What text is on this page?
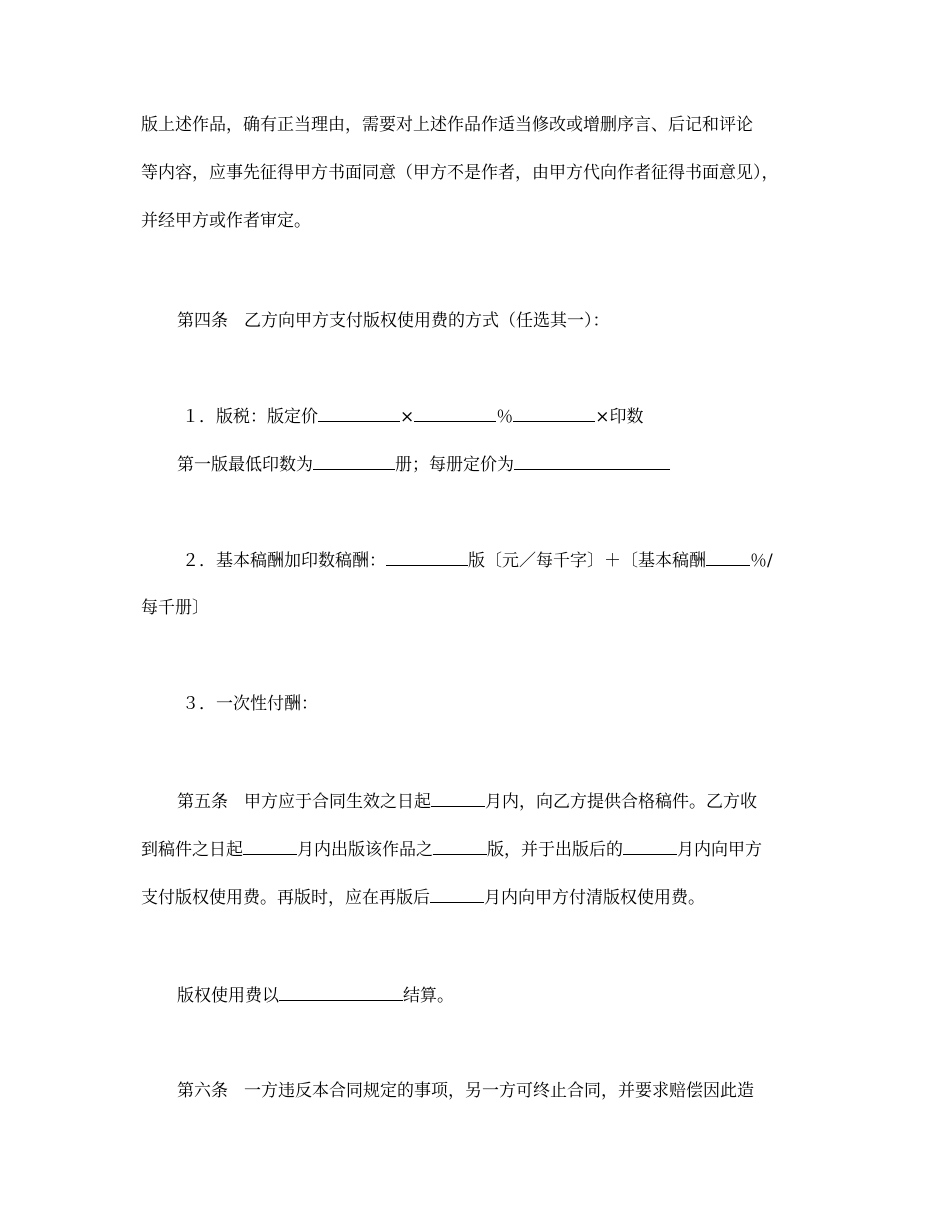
版上述作品，确有正当理由，需要对上述作品作适当修改或增删序言、后记和评论
等内容，应事先征得甲方书面同意（甲方不是作者，由甲方代向作者征得书面意见），
并经甲方或作者审定。
第四条 乙方向甲方支付版权使用费的方式（任选其一）：
１．版税：版定价	×	％	×印数
第一版最低印数为	册；每册定价为
２．基本稿酬加印数稿酬：	版〔元／每千字〕＋〔基本稿酬	％/
每千册〕
３．一次性付酬：
第五条 甲方应于合同生效之日起	月内，向乙方提供合格稿件。乙方收
到稿件之日起	月内出版该作品之	版，并于出版后的	月内向甲方
支付版权使用费。再版时，应在再版后	月内向甲方付清版权使用费。
版权使用费以	结算。
第六条 一方违反本合同规定的事项，另一方可终止合同，并要求赔偿因此造
